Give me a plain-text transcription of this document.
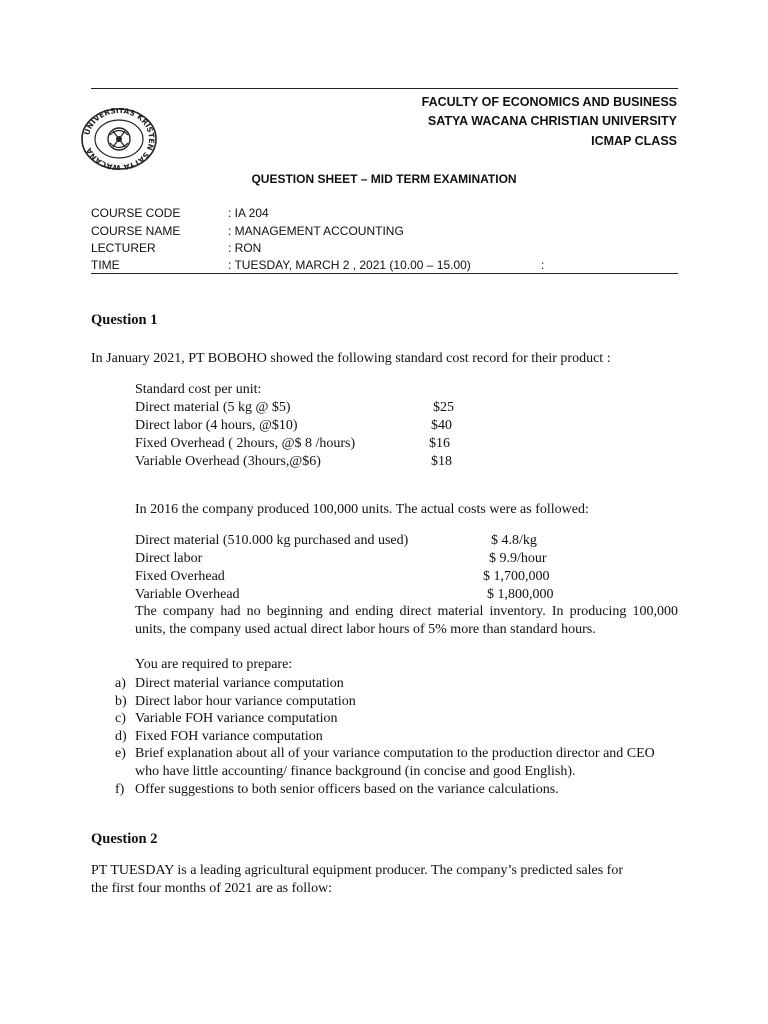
UNIVERSITAS KRISTEN SATYA WACANA
FACULTY OF ECONOMICS AND BUSINESS
SATYA WACANA CHRISTIAN UNIVERSITY
ICMAP CLASS
QUESTION SHEET – MID TERM EXAMINATION
COURSE CODE	: IA 204
COURSE NAME	: MANAGEMENT ACCOUNTING
LECTURER	: RON
TIME	: TUESDAY, MARCH 2 , 2021 (10.00 – 15.00)	:
Question 1
In January 2021, PT BOBOHO showed the following standard cost record for their product :
Standard cost per unit:
Direct material (5 kg @ $5)	$25
Direct labor (4 hours, @$10)	$40
Fixed Overhead ( 2hours, @$ 8 /hours)	$16
Variable Overhead (3hours,@$6)	$18
In 2016 the company produced 100,000 units. The actual costs were as followed:
Direct material (510.000 kg purchased and used)	$ 4.8/kg
Direct labor	$ 9.9/hour
Fixed Overhead	$ 1,700,000
Variable Overhead	$ 1,800,000
The company had no beginning and ending direct material inventory. In producing 100,000 units, the company used actual direct labor hours of 5% more than standard hours.
You are required to prepare:
a) Direct material variance computation
b) Direct labor hour variance computation
c) Variable FOH variance computation
d) Fixed FOH variance computation
e) Brief explanation about all of your variance computation to the production director and CEO who have little accounting/ finance background (in concise and good English).
f) Offer suggestions to both senior officers based on the variance calculations.
Question 2
PT TUESDAY is a leading agricultural equipment producer. The company’s predicted sales for
the first four months of 2021 are as follow:
